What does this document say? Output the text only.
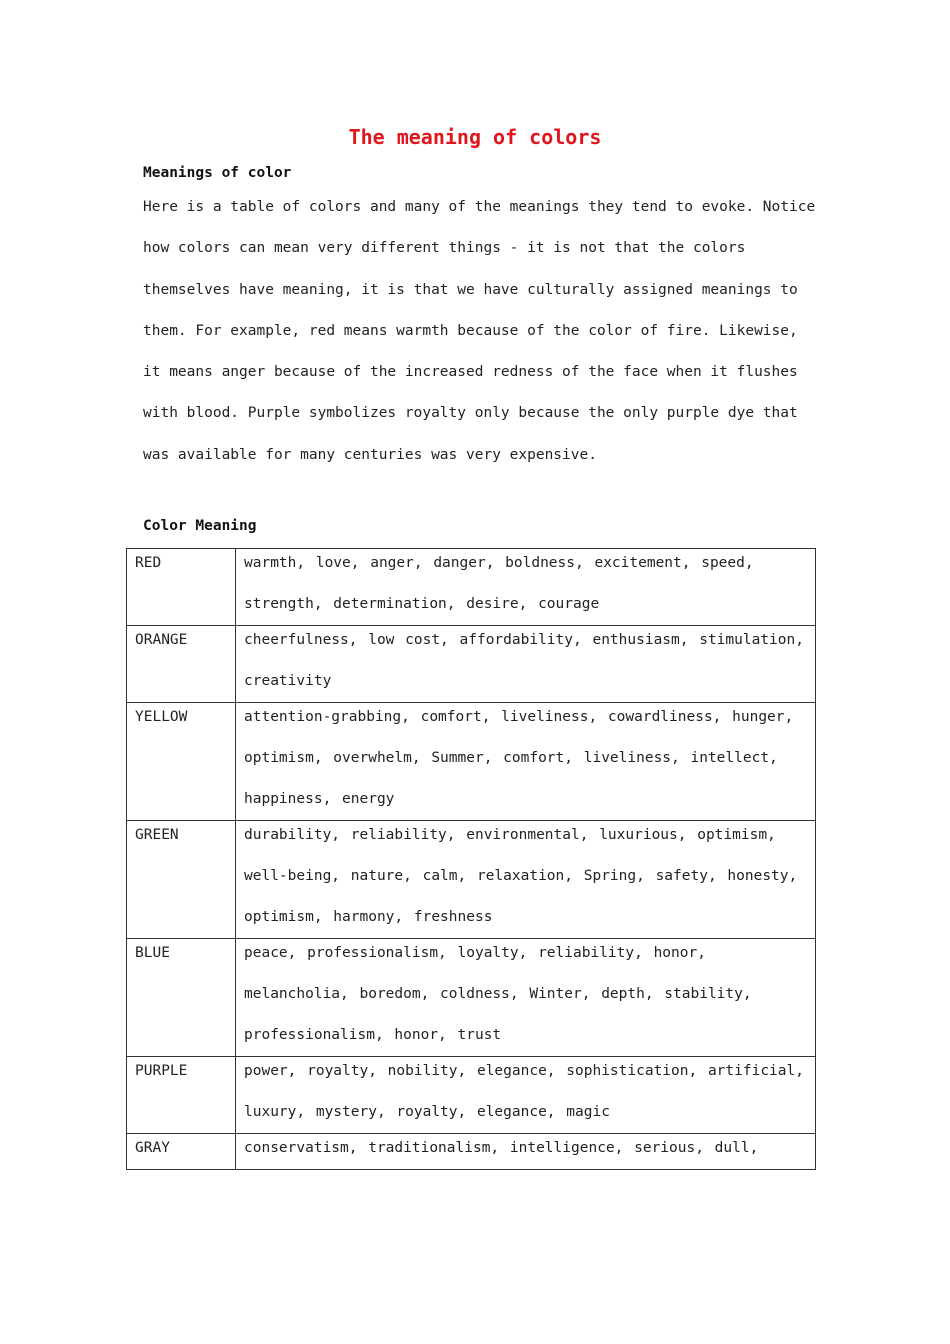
The meaning of colors
Meanings of color

Here is a table of colors and many of the meanings they tend to evoke. Notice how colors can mean very different things - it is not that the colors themselves have meaning, it is that we have culturally assigned meanings to them. For example, red means warmth because of the color of fire. Likewise, it means anger because of the increased redness of the face when it flushes with blood. Purple symbolizes royalty only because the only purple dye that was available for many centuries was very expensive.

Color Meaning
RED	warmth, love, anger, danger, boldness, excitement, speed, strength, determination, desire, courage

ORANGE	cheerfulness, low cost, affordability, enthusiasm, stimulation, creativity

YELLOW	attention-grabbing, comfort, liveliness, cowardliness, hunger, optimism, overwhelm, Summer, comfort, liveliness, intellect, happiness, energy

GREEN	durability, reliability, environmental, luxurious, optimism, well-being, nature, calm, relaxation, Spring, safety, honesty, optimism, harmony, freshness

BLUE	peace, professionalism, loyalty, reliability, honor, melancholia, boredom, coldness, Winter, depth, stability, professionalism, honor, trust

PURPLE	power, royalty, nobility, elegance, sophistication, artificial, luxury, mystery, royalty, elegance, magic

GRAY	conservatism, traditionalism, intelligence, serious, dull,
